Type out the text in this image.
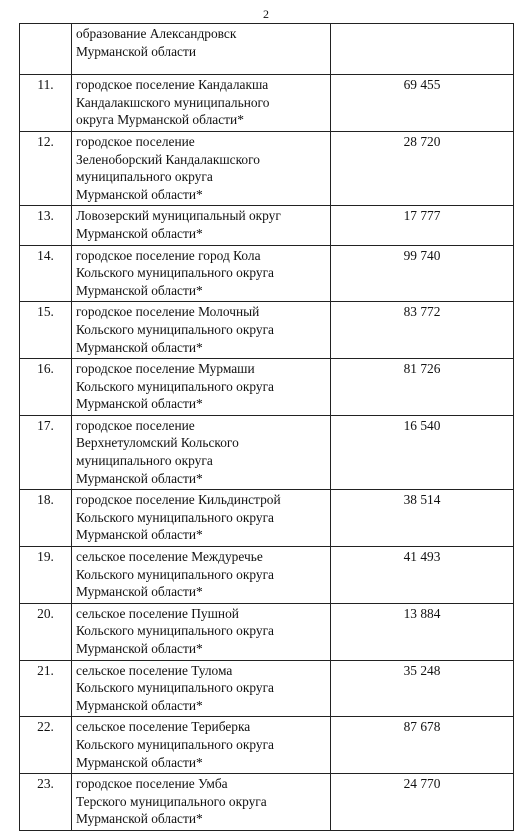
2

	образование Александровск
Мурманской области	

11.	городское поселение Кандалакша
Кандалакшского муниципального
округа Мурманской области*	69 455
12.	городское поселение
Зеленоборский Кандалакшского
муниципального округа
Мурманской области*	28 720
13.	Ловозерский муниципальный округ
Мурманской области*	17 777
14.	городское поселение город Кола
Кольского муниципального округа
Мурманской области*	99 740
15.	городское поселение Молочный
Кольского муниципального округа
Мурманской области*	83 772
16.	городское поселение Мурмаши
Кольского муниципального округа
Мурманской области*	81 726
17.	городское поселение
Верхнетуломский Кольского
муниципального округа
Мурманской области*	16 540
18.	городское поселение Кильдинстрой
Кольского муниципального округа
Мурманской области*	38 514
19.	сельское поселение Междуречье
Кольского муниципального округа
Мурманской области*	41 493
20.	сельское поселение Пушной
Кольского муниципального округа
Мурманской области*	13 884
21.	сельское поселение Тулома
Кольского муниципального округа
Мурманской области*	35 248
22.	сельское поселение Териберка
Кольского муниципального округа
Мурманской области*	87 678
23.	городское поселение Умба
Терского муниципального округа
Мурманской области*	24 770
